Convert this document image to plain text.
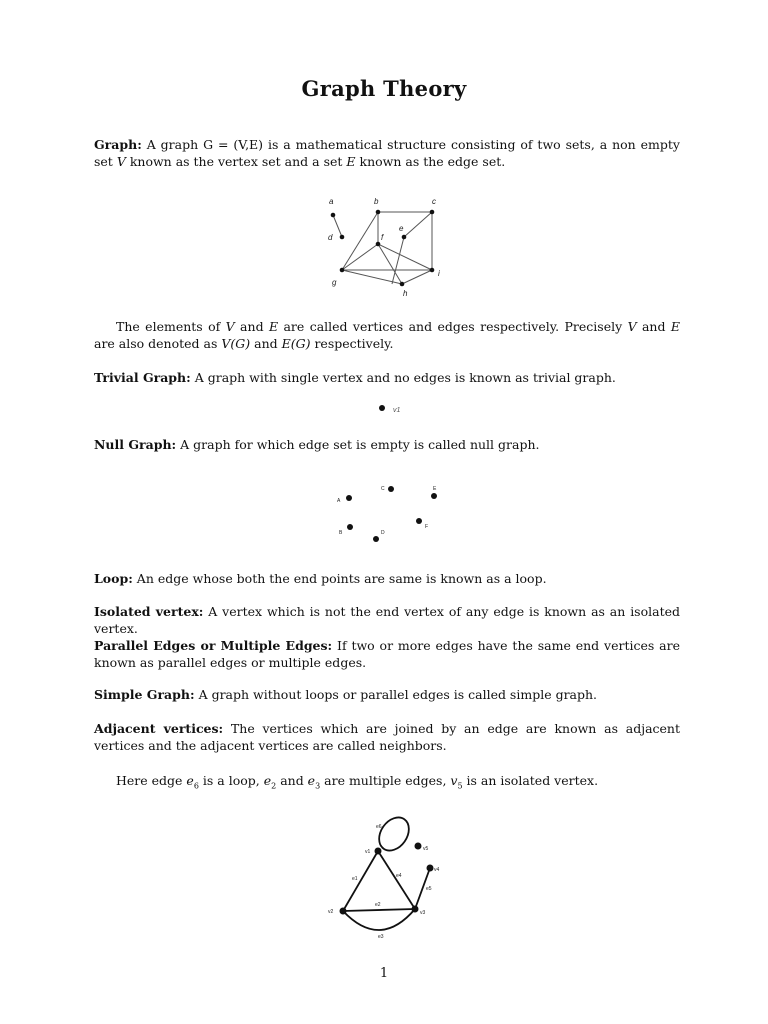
Graph Theory
Graph: A graph G = (V,E) is a mathematical structure consisting of two sets, a non empty set V known as the vertex set and a set E known as the edge set.
a	b	c
d
e
f
g
h
i
The elements of V and E are called vertices and edges respectively. Precisely V and E are also denoted as V(G) and E(G) respectively.
Trivial Graph: A graph with single vertex and no edges is known as trivial graph.
v1
Null Graph: A graph for which edge set is empty is called null graph.
C	E
A
F
B	D
Loop: An edge whose both the end points are same is known as a loop.
Isolated vertex: A vertex which is not the end vertex of any edge is known as an isolated vertex.
Parallel Edges or Multiple Edges: If two or more edges have the same end vertices are known as parallel edges or multiple edges.
Simple Graph: A graph without loops or parallel edges is called simple graph.
Adjacent vertices: The vertices which are joined by an edge are known as adjacent vertices and the adjacent vertices are called neighbors.
Here edge $e_6$ is a loop, $e_2$ and $e_3$ are multiple edges, $v_5$ is an isolated vertex.
e6
v1	v5
v4
e4
e1
e5
e2
v2	v3
e3
1
